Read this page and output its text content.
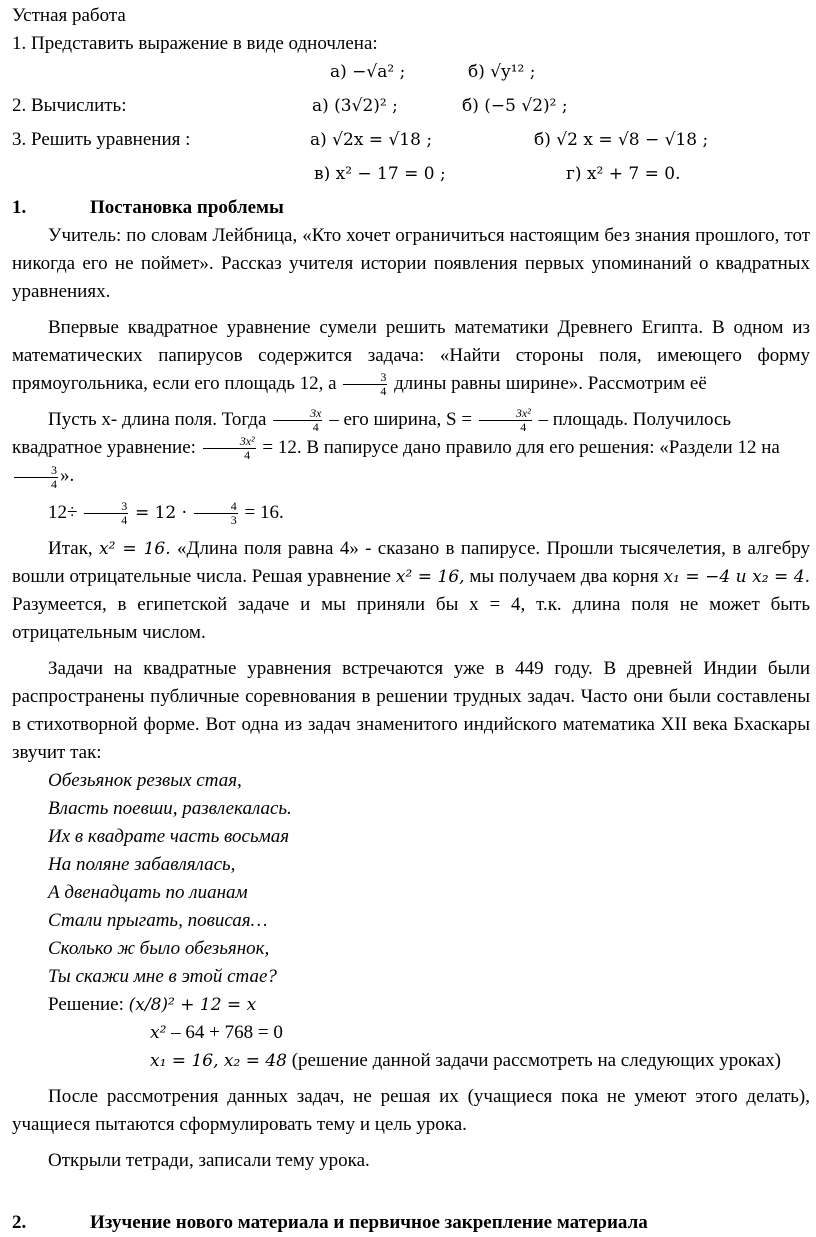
Устная работа

1. Представить выражение в виде одночлена:

а) −√a² ;	б) √y¹² ;
2. Вычислить:	а) (3√2)² ;	б) (−5 √2)² ;
3. Решить уравнения :	а) √2x = √18 ;	б) √2 x = √8 − √18 ;
в) x² − 17 = 0 ;	г) x² + 7 = 0.
1.	Постановка проблемы

Учитель: по словам Лейбница, «Кто хочет ограничиться настоящим без знания прошлого, тот никогда его не поймет». Рассказ учителя истории появления первых упоминаний о квадратных уравнениях.

Впервые квадратное уравнение сумели решить математики Древнего Египта. В одном из математических папирусов содержится задача: «Найти стороны поля, имеющего форму прямоугольника, если его площадь 12, а $\frac{3}{4}$ длины равны ширине». Рассмотрим её

Пусть х- длина поля. Тогда $\frac{3x}{4}$ – его ширина, $S = \frac{\text{3x²}}{4}$ – площадь. Получилось квадратное уравнение: $\frac{\text{3x²}}{4} = 12$. В папирусе дано правило для его решения: «Раздели 12 на
$\frac{3}{4}$ ».

$12\div \frac{3}{4} = 12 \cdot \frac{4}{3} = 16$.

Итак, x² = 16. «Длина поля равна 4» - сказано в папирусе. Прошли тысячелетия, в алгебру вошли отрицательные числа. Решая уравнение x² = 16, мы получаем два корня x₁ = −4 и x₂ = 4. Разумеется, в египетской задаче и мы приняли бы х = 4, т.к. длина поля не может быть отрицательным числом.

Задачи на квадратные уравнения встречаются уже в 449 году. В древней Индии были распространены публичные соревнования в решении трудных задач. Часто они были составлены в стихотворной форме. Вот одна из задач знаменитого индийского математика XII века Бхаскары звучит так:

Обезьянок резвых стая,

Власть поевши, развлекалась.

Их в квадрате часть восьмая

На поляне забавлялась,

А двенадцать по лианам

Стали прыгать, повисая…

Сколько ж было обезьянок,

Ты скажи мне в этой стае?

Решение: (x/8)² + 12 = x

x² – 64 + 768 = 0

x₁ = 16, x₂ = 48 (решение данной задачи рассмотреть на следующих уроках)

После рассмотрения данных задач, не решая их (учащиеся пока не умеют этого делать), учащиеся пытаются сформулировать тему и цель урока.

Открыли тетради, записали тему урока.

2.	Изучение нового материала и первичное закрепление материала
